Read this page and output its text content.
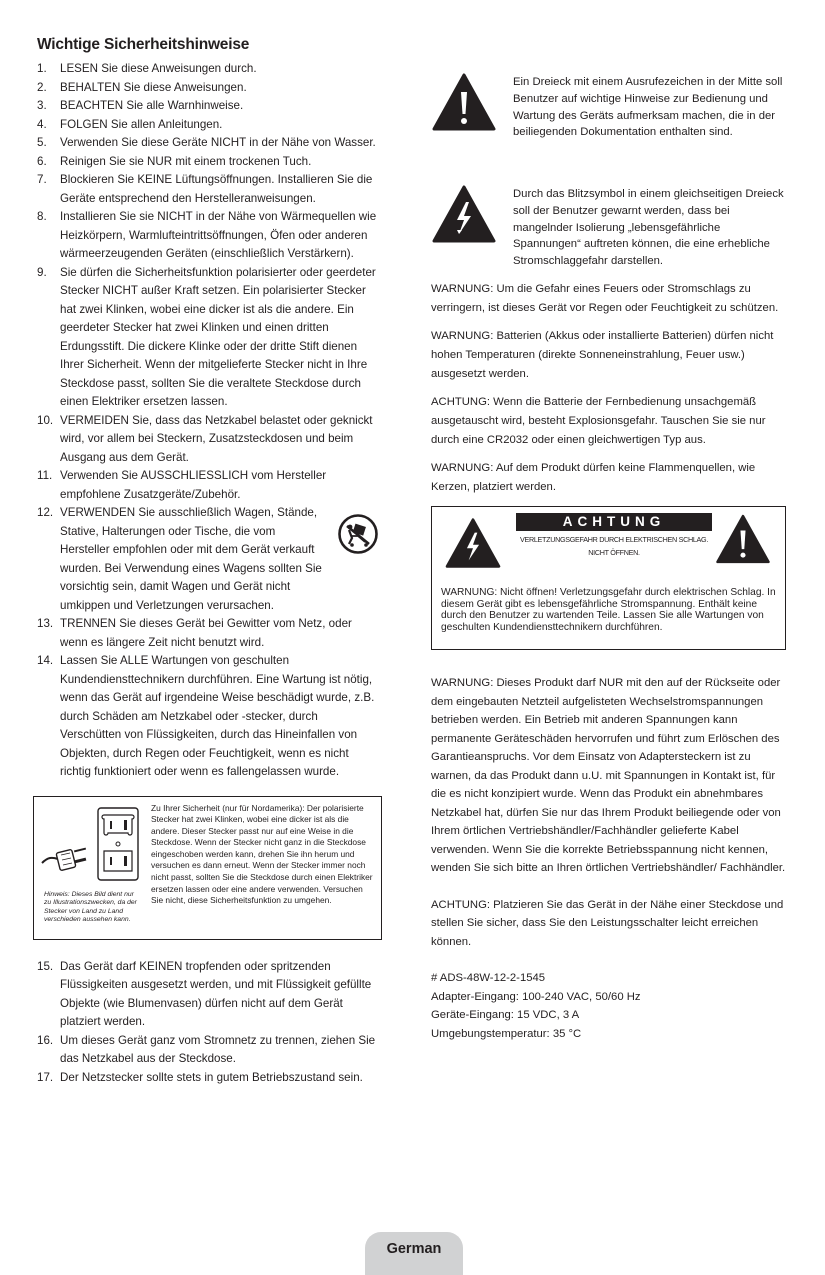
Wichtige Sicherheitshinweise
1. LESEN Sie diese Anweisungen durch.
2. BEHALTEN Sie diese Anweisungen.
3. BEACHTEN Sie alle Warnhinweise.
4. FOLGEN Sie allen Anleitungen.
5. Verwenden Sie diese Geräte NICHT in der Nähe von Wasser.
6. Reinigen Sie sie NUR mit einem trockenen Tuch.
7. Blockieren Sie KEINE Lüftungsöffnungen. Installieren Sie die Geräte entsprechend den Herstelleranweisungen.
8. Installieren Sie sie NICHT in der Nähe von Wärmequellen wie Heizkörpern, Warmlufteintrittsöffnungen, Öfen oder anderen wärmeerzeugenden Geräten (einschließlich Verstärkern).
9. Sie dürfen die Sicherheitsfunktion polarisierter oder geerdeter Stecker NICHT außer Kraft setzen. Ein polarisierter Stecker hat zwei Klinken, wobei eine dicker ist als die andere. Ein geerdeter Stecker hat zwei Klinken und einen dritten Erdungsstift. Die dickere Klinke oder der dritte Stift dienen Ihrer Sicherheit. Wenn der mitgelieferte Stecker nicht in Ihre Steckdose passt, sollten Sie die veraltete Steckdose durch einen Elektriker ersetzen lassen.
10. VERMEIDEN Sie, dass das Netzkabel belastet oder geknickt wird, vor allem bei Steckern, Zusatzsteckdosen und beim Ausgang aus dem Gerät.
11. Verwenden Sie AUSSCHLIESSLICH vom Hersteller empfohlene Zusatzgeräte/Zubehör.
12. VERWENDEN Sie ausschließlich Wagen, Stände, Stative, Halterungen oder Tische, die vom Hersteller empfohlen oder mit dem Gerät verkauft wurden. Bei Verwendung eines Wagens sollten Sie vorsichtig sein, damit Wagen und Gerät nicht umkippen und Verletzungen verursachen.
13. TRENNEN Sie dieses Gerät bei Gewitter vom Netz, oder wenn es längere Zeit nicht benutzt wird.
14. Lassen Sie ALLE Wartungen von geschulten Kundendiensttechnikern durchführen. Eine Wartung ist nötig, wenn das Gerät auf irgendeine Weise beschädigt wurde, z.B. durch Schäden am Netzkabel oder -stecker, durch Verschütten von Flüssigkeiten, durch das Hineinfallen von Objekten, durch Regen oder Feuchtigkeit, wenn es nicht richtig funktioniert oder wenn es fallengelassen wurde.
Hinweis: Dieses Bild dient nur zu Illustrationszwecken, da der Stecker von Land zu Land verschieden aussehen kann.
Zu Ihrer Sicherheit (nur für Nordamerika): Der polarisierte Stecker hat zwei Klinken, wobei eine dicker ist als die andere. Dieser Stecker passt nur auf eine Weise in die Steckdose. Wenn der Stecker nicht ganz in die Steckdose eingeschoben werden kann, drehen Sie ihn herum und versuchen es dann erneut. Wenn der Stecker immer noch nicht passt, sollten Sie die Steckdose durch einen Elektriker ersetzen lassen oder eine andere verwenden. Versuchen Sie nicht, diese Sicherheitsfunktion zu umgehen.
15. Das Gerät darf KEINEN tropfenden oder spritzenden Flüssigkeiten ausgesetzt werden, und mit Flüssigkeit gefüllte Objekte (wie Blumenvasen) dürfen nicht auf dem Gerät platziert werden.
16. Um dieses Gerät ganz vom Stromnetz zu trennen, ziehen Sie das Netzkabel aus der Steckdose.
17. Der Netzstecker sollte stets in gutem Betriebszustand sein.
Ein Dreieck mit einem Ausrufezeichen in der Mitte soll Benutzer auf wichtige Hinweise zur Bedienung und Wartung des Geräts aufmerksam machen, die in der beiliegenden Dokumentation enthalten sind.
Durch das Blitzsymbol in einem gleichseitigen Dreieck soll der Benutzer gewarnt werden, dass bei mangelnder Isolierung „lebensgefährliche Spannungen“ auftreten können, die eine erhebliche Stromschlaggefahr darstellen.

WARNUNG: Um die Gefahr eines Feuers oder Stromschlags zu verringern, ist dieses Gerät vor Regen oder Feuchtigkeit zu schützen.

WARNUNG: Batterien (Akkus oder installierte Batterien) dürfen nicht hohen Temperaturen (direkte Sonneneinstrahlung, Feuer usw.) ausgesetzt werden.

ACHTUNG: Wenn die Batterie der Fernbedienung unsachgemäß ausgetauscht wird, besteht Explosionsgefahr. Tauschen Sie sie nur durch eine CR2032 oder einen gleichwertigen Typ aus.

WARNUNG: Auf dem Produkt dürfen keine Flammenquellen, wie Kerzen, platziert werden.

ACHTUNG
VERLETZUNGSGEFAHR DURCH ELEKTRISCHEN SCHLAG.
NICHT ÖFFNEN.
WARNUNG: Nicht öffnen! Verletzungsgefahr durch elektrischen Schlag. In diesem Gerät gibt es lebensgefährliche Stromspannung. Enthält keine durch den Benutzer zu wartenden Teile. Lassen Sie alle Wartungen von geschulten Kundendiensttechnikern durchführen.

WARNUNG: Dieses Produkt darf NUR mit den auf der Rückseite oder dem eingebauten Netzteil aufgelisteten Wechselstromspannungen betrieben werden. Ein Betrieb mit anderen Spannungen kann permanente Geräteschäden hervorrufen und führt zum Erlöschen des Garantieanspruchs. Vor dem Einsatz von Adaptersteckern ist zu warnen, da das Produkt dann u.U. mit Spannungen in Kontakt ist, für die es nicht konzipiert wurde. Wenn das Produkt ein abnehmbares Netzkabel hat, dürfen Sie nur das Ihrem Produkt beiliegende oder von Ihrem örtlichen Vertriebshändler/Fachhändler gelieferte Kabel verwenden. Wenn Sie die korrekte Betriebsspannung nicht kennen, wenden Sie sich bitte an Ihren örtlichen Vertriebshändler/ Fachhändler.

ACHTUNG: Platzieren Sie das Gerät in der Nähe einer Steckdose und stellen Sie sicher, dass Sie den Leistungsschalter leicht erreichen können.

# ADS-48W-12-2-1545
Adapter-Eingang: 100-240 VAC, 50/60 Hz
Geräte-Eingang: 15 VDC, 3 A
Umgebungstemperatur: 35 °C
German
